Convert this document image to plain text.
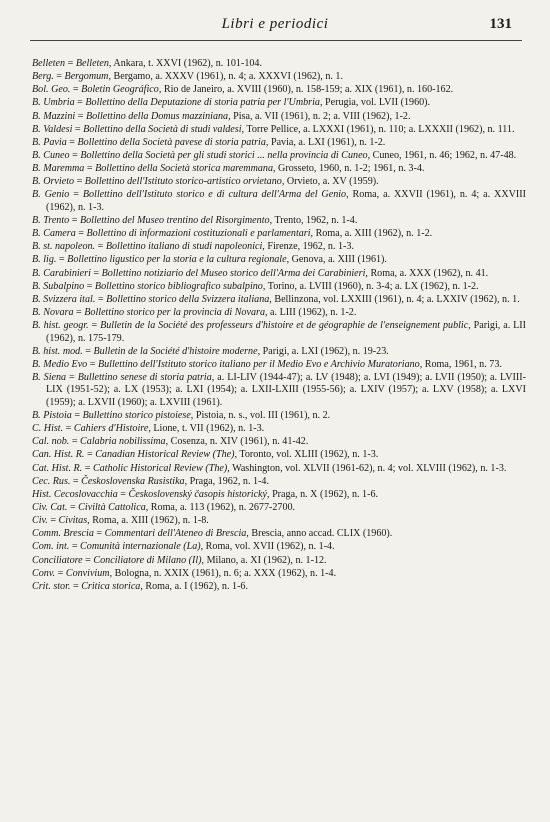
Libri e periodici	131
Belleten = Belleten, Ankara, t. XXVI (1962), n. 101-104.
Berg. = Bergomum, Bergamo, a. XXXV (1961), n. 4; a. XXXVI (1962), n. 1.
Bol. Geo. = Boletin Geográfico, Rio de Janeiro, a. XVIII (1960), n. 158-159; a. XIX (1961), n. 160-162.
B. Umbria = Bollettino della Deputazione di storia patria per l'Umbria, Perugia, vol. LVII (1960).
B. Mazzini = Bollettino della Domus mazziniana, Pisa, a. VII (1961), n. 2; a. VIII (1962), 1-2.
B. Valdesi = Bollettino della Società di studi valdesi, Torre Pellice, a. LXXXI (1961), n. 110; a. LXXXII (1962), n. 111.
B. Pavia = Bollettino della Società pavese di storia patria, Pavia, a. LXI (1961), n. 1-2.
B. Cuneo = Bollettino della Società per gli studi storici ... nella provincia di Cuneo, Cuneo, 1961, n. 46; 1962, n. 47-48.
B. Maremma = Bollettino della Società storica maremmana, Grosseto, 1960, n. 1-2; 1961, n. 3-4.
B. Orvieto = Bollettino dell'Istituto storico-artistico orvietano, Orvieto, a. XV (1959).
B. Genio = Bollettino dell'Istituto storico e di cultura dell'Arma del Genio, Roma, a. XXVII (1961), n. 4; a. XXVIII (1962), n. 1-3.
B. Trento = Bollettino del Museo trentino del Risorgimento, Trento, 1962, n. 1-4.
B. Camera = Bollettino di informazioni costituzionali e parlamentari, Roma, a. XIII (1962), n. 1-2.
B. st. napoleon. = Bollettino italiano di studi napoleonici, Firenze, 1962, n. 1-3.
B. lig. = Bollettino ligustico per la storia e la cultura regionale, Genova, a. XIII (1961).
B. Carabinieri = Bollettino notiziario del Museo storico dell'Arma dei Carabinieri, Roma, a. XXX (1962), n. 41.
B. Subalpino = Bollettino storico bibliografico subalpino, Torino, a. LVIII (1960), n. 3-4; a. LX (1962), n. 1-2.
B. Svizzera ital. = Bollettino storico della Svizzera italiana, Bellinzona, vol. LXXIII (1961), n. 4; a. LXXIV (1962), n. 1.
B. Novara = Bollettino storico per la provincia di Novara, a. LIII (1962), n. 1-2.
B. hist. geogr. = Bulletin de la Société des professeurs d'histoire et de géographie de l'enseignement public, Parigi, a. LII (1962), n. 175-179.
B. hist. mod. = Bulletin de la Société d'histoire moderne, Parigi, a. LXI (1962), n. 19-23.
B. Medio Evo = Bullettino dell'Istituto storico italiano per il Medio Evo e Archivio Muratoriano, Roma, 1961, n. 73.
B. Siena = Bullettino senese di storia patria, a. LI-LIV (1944-47); a. LV (1948); a. LVI (1949); a. LVII (1950); a. LVIII-LIX (1951-52); a. LX (1953); a. LXI (1954); a. LXII-LXIII (1955-56); a. LXIV (1957); a. LXV (1958); a. LXVI (1959); a. LXVII (1960); a. LXVIII (1961).
B. Pistoia = Bullettino storico pistoiese, Pistoia, n. s., vol. III (1961), n. 2.
C. Hist. = Cahiers d'Histoire, Lione, t. VII (1962), n. 1-3.
Cal. nob. = Calabria nobilissima, Cosenza, n. XIV (1961), n. 41-42.
Can. Hist. R. = Canadian Historical Review (The), Toronto, vol. XLIII (1962), n. 1-3.
Cat. Hist. R. = Catholic Historical Review (The), Washington, vol. XLVII (1961-62), n. 4; vol. XLVIII (1962), n. 1-3.
Cec. Rus. = Československa Rusistika, Praga, 1962, n. 1-4.
Hist. Cecoslovacchia = Československý časopis historický, Praga, n. X (1962), n. 1-6.
Civ. Cat. = Civiltà Cattolica, Roma, a. 113 (1962), n. 2677-2700.
Civ. = Civitas, Roma, a. XIII (1962), n. 1-8.
Comm. Brescia = Commentari dell'Ateneo di Brescia, Brescia, anno accad. CLIX (1960).
Com. int. = Comunità internazionale (La), Roma, vol. XVII (1962), n. 1-4.
Conciliatore = Conciliatore di Milano (Il), Milano, a. XI (1962), n. 1-12.
Conv. = Convivium, Bologna, n. XXIX (1961), n. 6; a. XXX (1962), n. 1-4.
Crit. stor. = Critica storica, Roma, a. I (1962), n. 1-6.
